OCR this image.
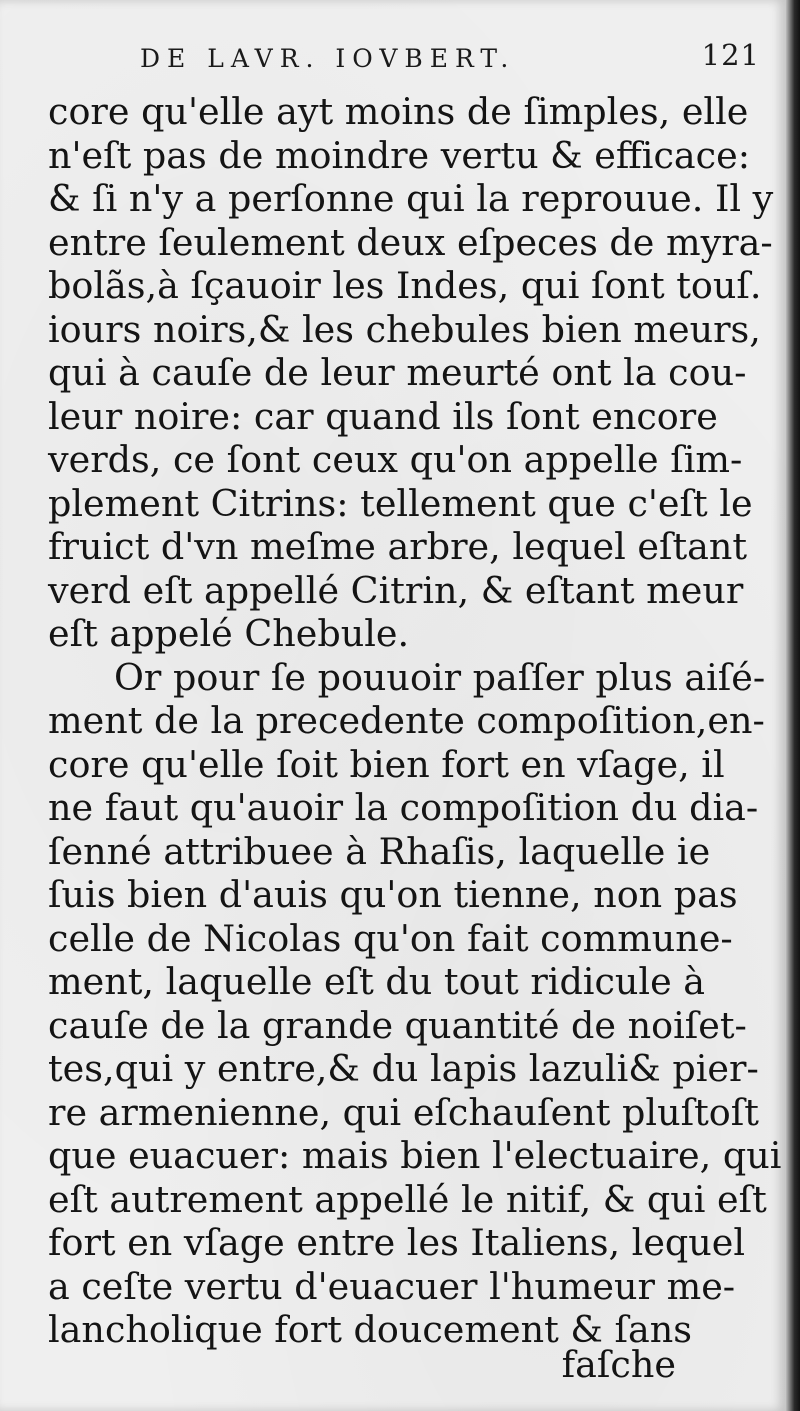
DE LAVR. IOVBERT.	121
core qu'elle ayt moins de ſimples, elle
n'eſt pas de moindre vertu & efficace:
& ſi n'y a perſonne qui la reprouue. Il y
entre ſeulement deux eſpeces de myra-
bolãs,à ſçauoir les Indes, qui ſont touſ.
iours noirs,& les chebules bien meurs,
qui à cauſe de leur meurté ont la cou-
leur noire: car quand ils ſont encore
verds, ce ſont ceux qu'on appelle ſim-
plement Citrins: tellement que c'eſt le
fruict d'vn meſme arbre, lequel eſtant
verd eſt appellé Citrin, & eſtant meur
eſt appelé Chebule.
Or pour ſe pouuoir paſſer plus aiſé-
ment de la precedente compoſition,en-
core qu'elle ſoit bien fort en vſage, il
ne faut qu'auoir la compoſition du dia-
ſenné attribuee à Rhaſis, laquelle ie
ſuis bien d'auis qu'on tienne, non pas
celle de Nicolas qu'on fait commune-
ment, laquelle eſt du tout ridicule à
cauſe de la grande quantité de noiſet-
tes,qui y entre,& du lapis lazuli& pier-
re armenienne, qui eſchauſent pluſtoſt
que euacuer: mais bien l'electuaire, qui
eſt autrement appellé le nitif, & qui eſt
fort en vſage entre les Italiens, lequel
a ceſte vertu d'euacuer l'humeur me-
lancholique fort doucement & ſans
faſche
